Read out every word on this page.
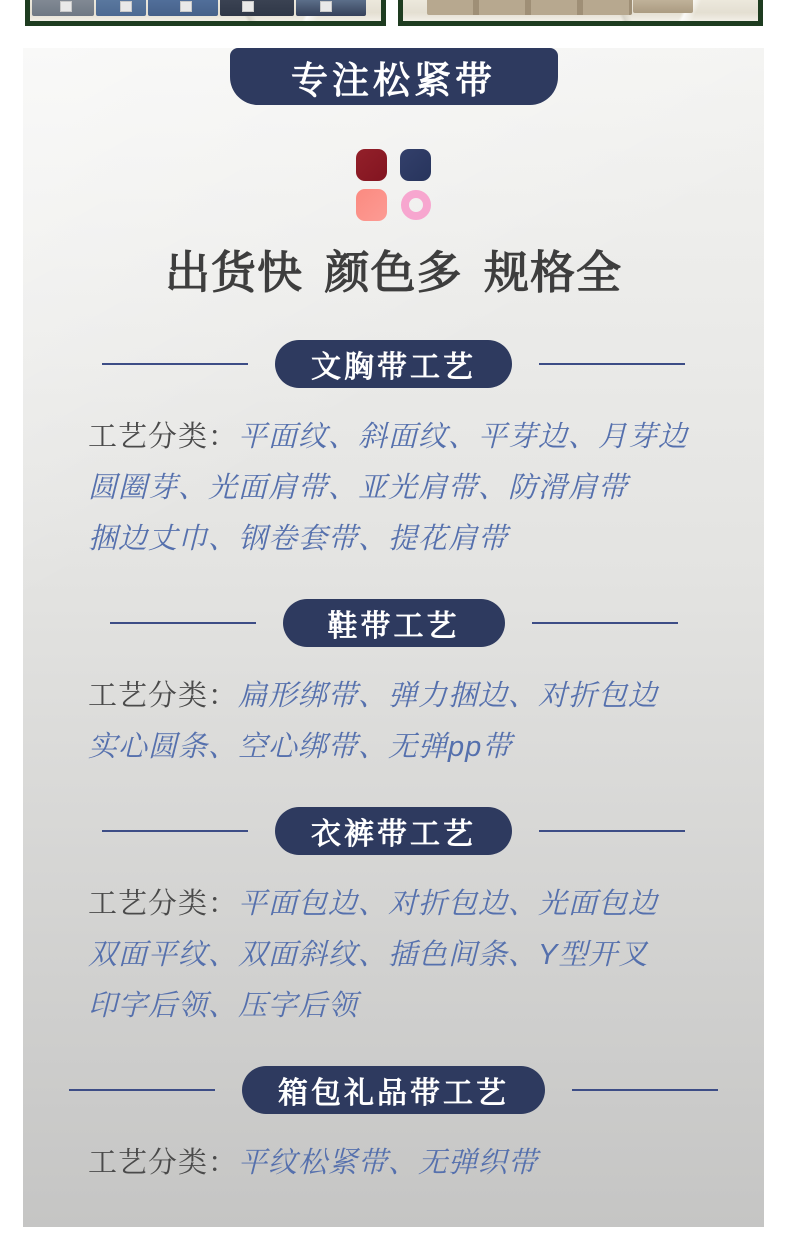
专注松紧带
出货快 颜色多 规格全
文胸带工艺

工艺分类：平面纹、斜面纹、平芽边、月芽边

圆圈芽、光面肩带、亚光肩带、防滑肩带

捆边丈巾、钢卷套带、提花肩带

鞋带工艺

工艺分类：扁形绑带、弹力捆边、对折包边

实心圆条、空心绑带、无弹pp带

衣裤带工艺

工艺分类：平面包边、对折包边、光面包边

双面平纹、双面斜纹、插色间条、Y型开叉

印字后领、压字后领

箱包礼品带工艺

工艺分类：平纹松紧带、无弹织带
